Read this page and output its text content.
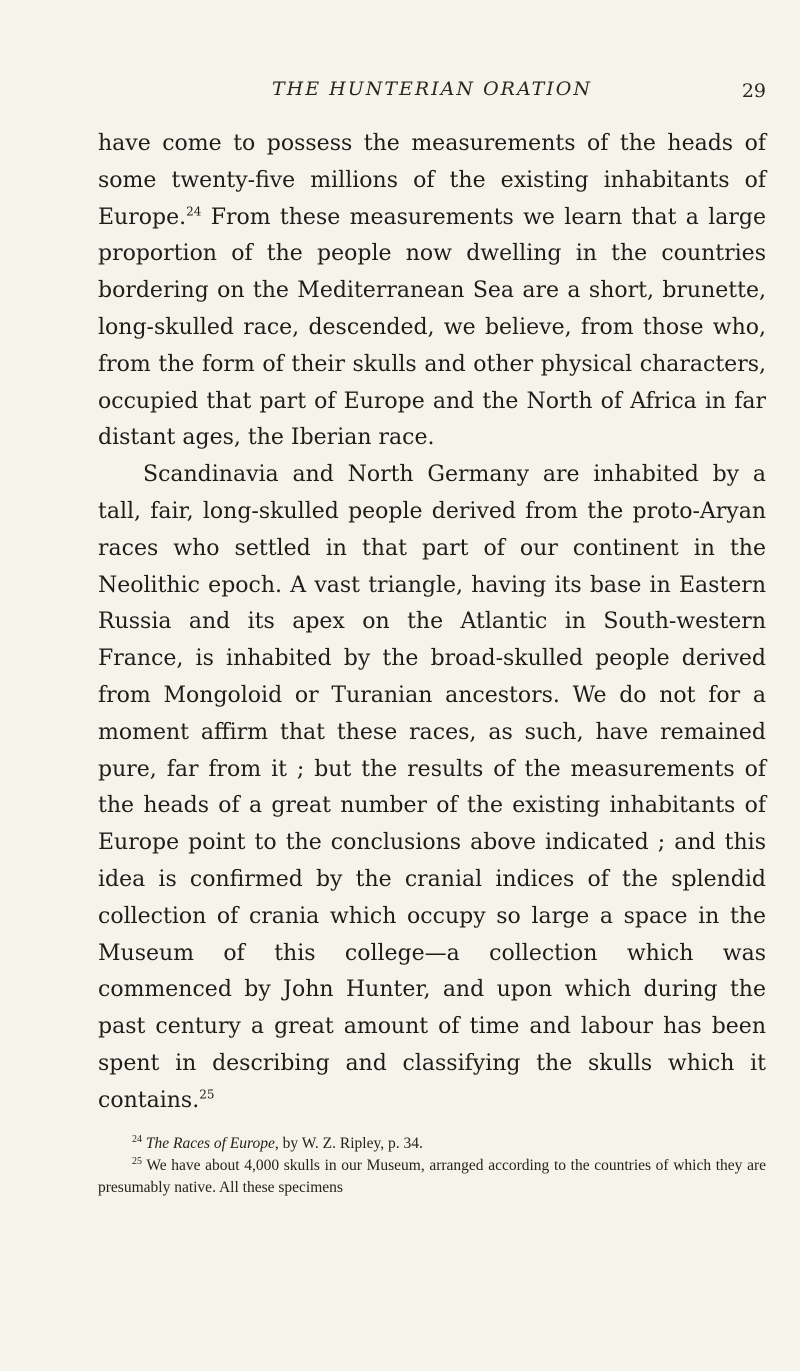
THE HUNTERIAN ORATION	29

have come to possess the measurements of the heads of some twenty-five millions of the existing inhabitants of Europe.$^{24}$ From these measurements we learn that a large proportion of the people now dwelling in the countries bordering on the Mediterranean Sea are a short, brunette, long-skulled race, descended, we believe, from those who, from the form of their skulls and other physical characters, occupied that part of Europe and the North of Africa in far distant ages, the Iberian race.

Scandinavia and North Germany are inhabited by a tall, fair, long-skulled people derived from the proto-Aryan races who settled in that part of our continent in the Neolithic epoch. A vast triangle, having its base in Eastern Russia and its apex on the Atlantic in South-western France, is inhabited by the broad-skulled people derived from Mongoloid or Turanian ancestors. We do not for a moment affirm that these races, as such, have remained pure, far from it ; but the results of the measurements of the heads of a great number of the existing inhabitants of Europe point to the conclusions above indicated ; and this idea is confirmed by the cranial indices of the splendid collection of crania which occupy so large a space in the Museum of this college—a collection which was commenced by John Hunter, and upon which during the past century a great amount of time and labour has been spent in describing and classifying the skulls which it contains.$^{25}$

$^{24}$ The Races of Europe, by W. Z. Ripley, p. 34.

$^{25}$ We have about 4,000 skulls in our Museum, arranged according to the countries of which they are presumably native. All these specimens
